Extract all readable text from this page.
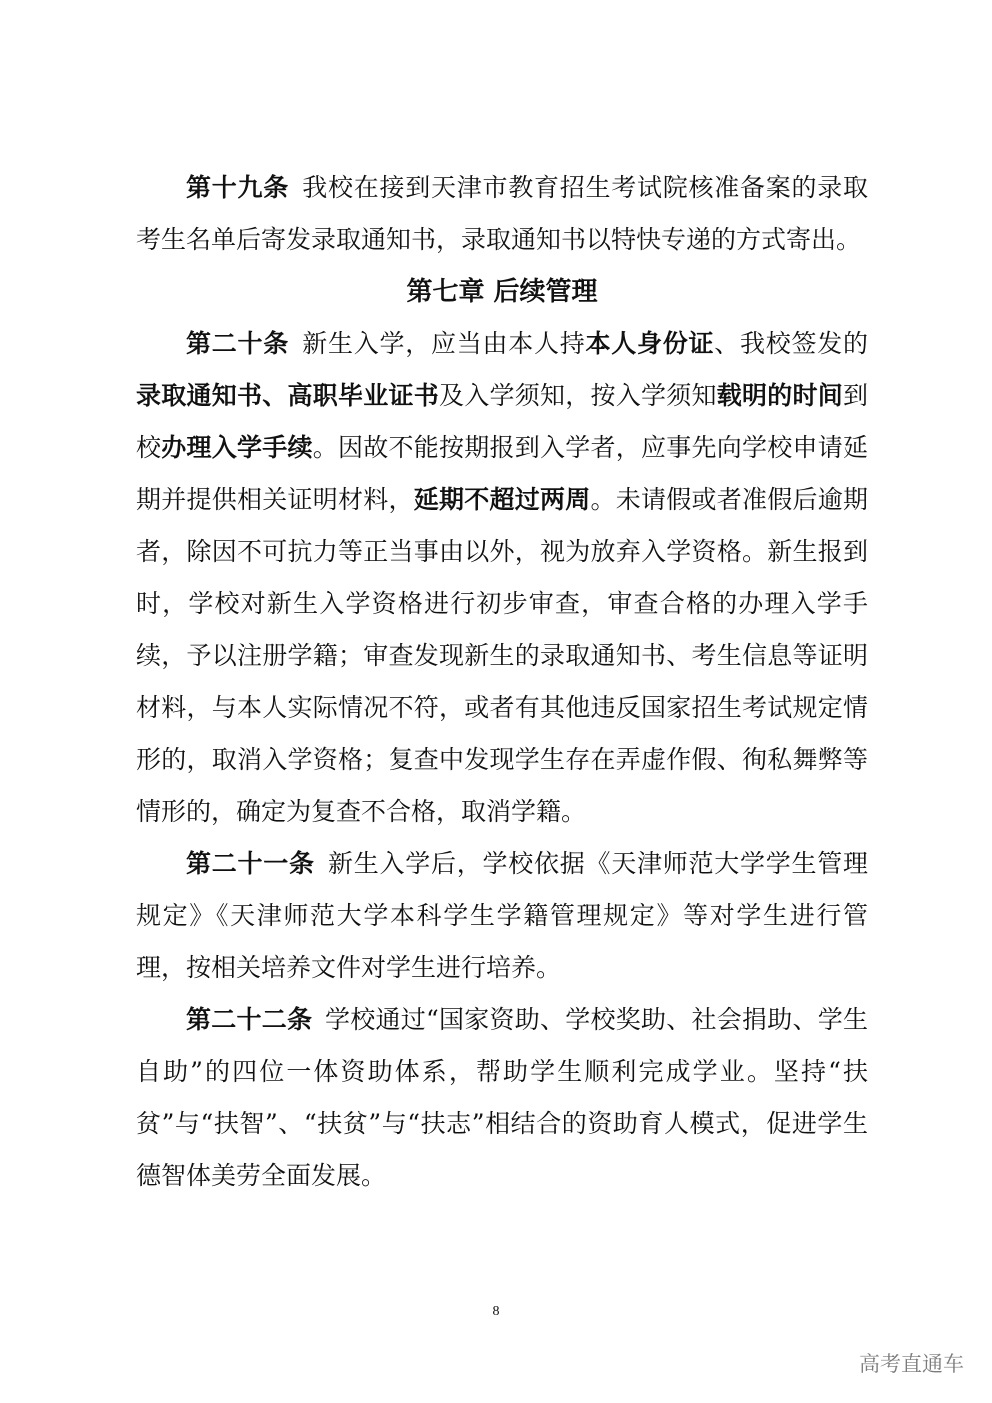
第十九条  我校在接到天津市教育招生考试院核准备案的录取考生名单后寄发录取通知书，录取通知书以特快专递的方式寄出。

第七章 后续管理

第二十条  新生入学，应当由本人持本人身份证、我校签发的录取通知书、高职毕业证书及入学须知，按入学须知载明的时间到校办理入学手续。因故不能按期报到入学者，应事先向学校申请延期并提供相关证明材料，延期不超过两周。未请假或者准假后逾期者，除因不可抗力等正当事由以外，视为放弃入学资格。新生报到时，学校对新生入学资格进行初步审查，审查合格的办理入学手续，予以注册学籍；审查发现新生的录取通知书、考生信息等证明材料，与本人实际情况不符，或者有其他违反国家招生考试规定情形的，取消入学资格；复查中发现学生存在弄虚作假、徇私舞弊等情形的，确定为复查不合格，取消学籍。

第二十一条  新生入学后，学校依据《天津师范大学学生管理规定》《天津师范大学本科学生学籍管理规定》等对学生进行管理，按相关培养文件对学生进行培养。

第二十二条  学校通过“国家资助、学校奖助、社会捐助、学生自助”的四位一体资助体系，帮助学生顺利完成学业。坚持“扶贫”与“扶智”、“扶贫”与“扶志”相结合的资助育人模式，促进学生德智体美劳全面发展。

8
高考直通车
